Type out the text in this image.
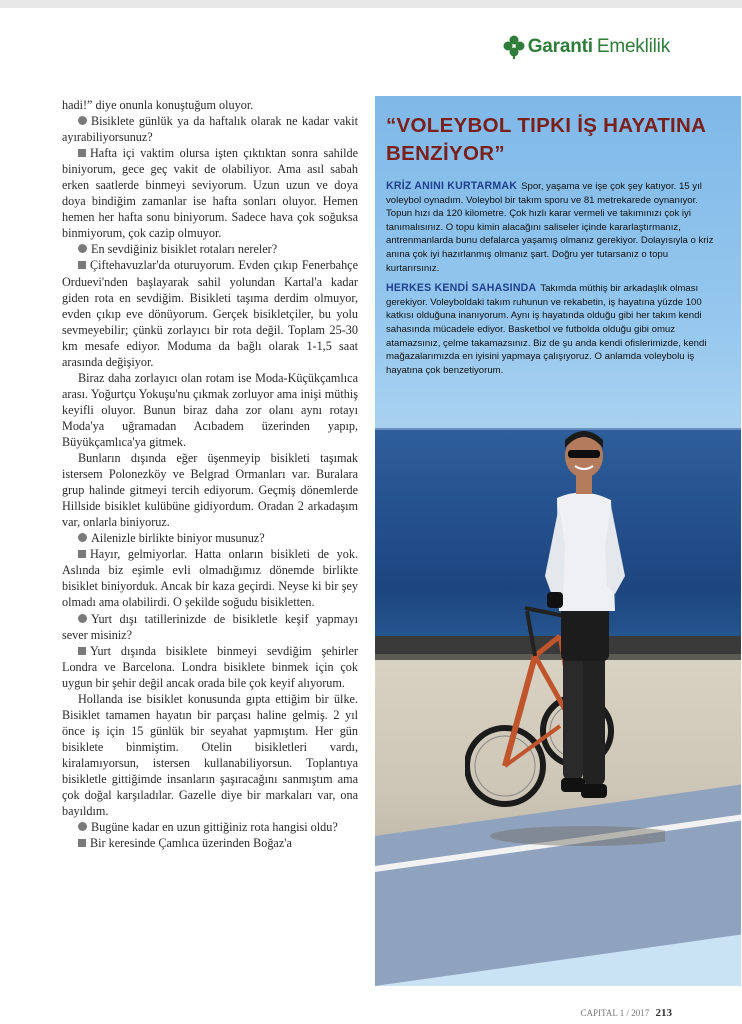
Garanti Emeklilik

hadi!” diye onunla konuştuğum oluyor.

Bisiklete günlük ya da haftalık olarak ne kadar vakit ayırabiliyorsunuz?

Hafta içi vaktim olursa işten çıktıktan sonra sahilde biniyorum, gece geç vakit de olabiliyor. Ama asıl sabah erken saatlerde binmeyi seviyorum. Uzun uzun ve doya doya bindiğim zamanlar ise hafta sonları oluyor. Hemen hemen her hafta sonu biniyorum. Sadece hava çok soğuksa binmiyorum, çok cazip olmuyor.

En sevdiğiniz bisiklet rotaları nereler?

Çiftehavuzlar'da oturuyorum. Evden çıkıp Fenerbahçe Orduevi'nden başlayarak sahil yolundan Kartal'a kadar giden rota en sevdiğim. Bisikleti taşıma derdim olmuyor, evden çıkıp eve dönüyorum. Gerçek bisikletçiler, bu yolu sevmeyebilir; çünkü zorlayıcı bir rota değil. Toplam 25-30 km mesafe ediyor. Moduma da bağlı olarak 1-1,5 saat arasında değişiyor.

Biraz daha zorlayıcı olan rotam ise Moda-Küçükçamlıca arası. Yoğurtçu Yokuşu'nu çıkmak zorluyor ama inişi müthiş keyifli oluyor. Bunun biraz daha zor olanı aynı rotayı Moda'ya uğramadan Acıbadem üzerinden yapıp, Büyükçamlıca'ya gitmek.

Bunların dışında eğer üşenmeyip bisikleti taşımak istersem Polonezköy ve Belgrad Ormanları var. Buralara grup halinde gitmeyi tercih ediyorum. Geçmiş dönemlerde Hillside bisiklet kulübüne gidiyordum. Oradan 2 arkadaşım var, onlarla biniyoruz.

Ailenizle birlikte biniyor musunuz?

Hayır, gelmiyorlar. Hatta onların bisikleti de yok. Aslında biz eşimle evli olmadığımız dönemde birlikte bisiklet biniyorduk. Ancak bir kaza geçirdi. Neyse ki bir şey olmadı ama olabilirdi. O şekilde soğudu bisikletten.

Yurt dışı tatillerinizde de bisikletle keşif yapmayı sever misiniz?

Yurt dışında bisiklete binmeyi sevdiğim şehirler Londra ve Barcelona. Londra bisiklete binmek için çok uygun bir şehir değil ancak orada bile çok keyif alıyorum.

Hollanda ise bisiklet konusunda gıpta ettiğim bir ülke. Bisiklet tamamen hayatın bir parçası haline gelmiş. 2 yıl önce iş için 15 günlük bir seyahat yapmıştım. Her gün bisiklete binmiştim. Otelin bisikletleri vardı, kiralamıyorsun, istersen kullanabiliyorsun. Toplantıya bisikletle gittiğimde insanların şaşıracağını sanmıştım ama çok doğal karşıladılar. Gazelle diye bir markaları var, ona bayıldım.

Bugüne kadar en uzun gittiğiniz rota hangisi oldu?

Bir keresinde Çamlıca üzerinden Boğaz'a

“VOLEYBOL TIPKI İŞ HAYATINA BENZİYOR”

KRİZ ANINI KURTARMAK Spor, yaşama ve işe çok şey katıyor. 15 yıl voleybol oynadım. Voleybol bir takım sporu ve 81 metrekarede oynanıyor. Topun hızı da 120 kilometre. Çok hızlı karar vermeli ve takımınızı çok iyi tanımalısınız. O topu kimin alacağını saliseler içinde kararlaştırmanız, antrenmanlarda bunu defalarca yaşamış olmanız gerekiyor. Dolayısıyla o kriz anına çok iyi hazırlanmış olmanız şart. Doğru yer tutarsanız o topu kurtarırsınız.

HERKES KENDİ SAHASINDA Takımda müthiş bir arkadaşlık olması gerekiyor. Voleyboldaki takım ruhunun ve rekabetin, iş hayatına yüzde 100 katkısı olduğuna inanıyorum. Aynı iş hayatında olduğu gibi her takım kendi sahasında mücadele ediyor. Basketbol ve futbolda olduğu gibi omuz atamazsınız, çelme takamazsınız. Biz de şu anda kendi ofislerimizde, kendi mağazalarımızda en iyisini yapmaya çalışıyoruz. O anlamda voleybolu iş hayatına çok benzetiyorum.

CAPITAL 1 / 2017 213
